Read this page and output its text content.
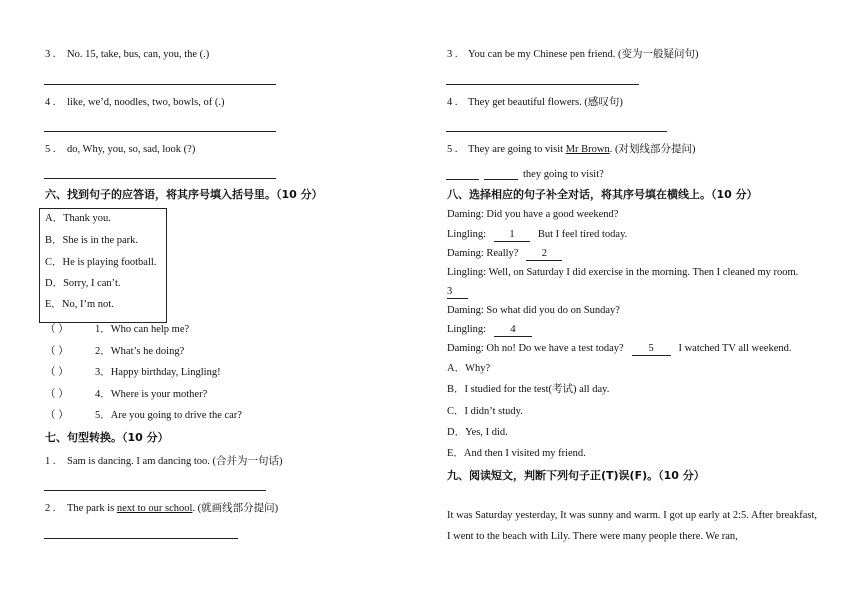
3 . No. 15, take, bus, can, you, the (.)
4 . like, we’d, noodles, two, bowls, of (.)
5 . do, Why, you, so, sad, look (?)
六、找到句子的应答语，将其序号填入括号里。（10 分）
A．Thank you.
B．She is in the park.
C．He is playing football.
D．Sorry, I can’t.
E．No, I’m not.
（ ）	1．Who can help me?
（ ）	2．What’s he doing?
（ ）	3．Happy birthday, Lingling!
（ ）	4．Where is your mother?
（ ）	5．Are you going to drive the car?
七、句型转换。（10 分）
1 . Sam is dancing. I am dancing too. (合并为一句话)
2 . The park is next to our school. (就画线部分提问)
3 . You can be my Chinese pen friend. (变为一般疑问句)
4 . They get beautiful flowers. (感叹句)
5 . They are going to visit Mr Brown. (对划线部分提问)
they going to visit?
八、选择相应的句子补全对话，将其序号填在横线上。（10 分）
Daming: Did you have a good weekend?
Lingling: 1 But I feel tired today.
Daming: Really? 2
Lingling: Well, on Saturday I did exercise in the morning. Then I cleaned my room.
3
Daming: So what did you do on Sunday?
Lingling: 4
Daming: Oh no! Do we have a test today? 5 I watched TV all weekend.
A．Why?
B．I studied for the test(考试) all day.
C．I didn’t study.
D．Yes, I did.
E．And then I visited my friend.
九、阅读短文，判断下列句子正(T)误(F)。（10 分）
It was Saturday yesterday, It was sunny and warm. I got up early at 2:5. After breakfast, I went to the beach with Lily. There were many people there. We ran,
